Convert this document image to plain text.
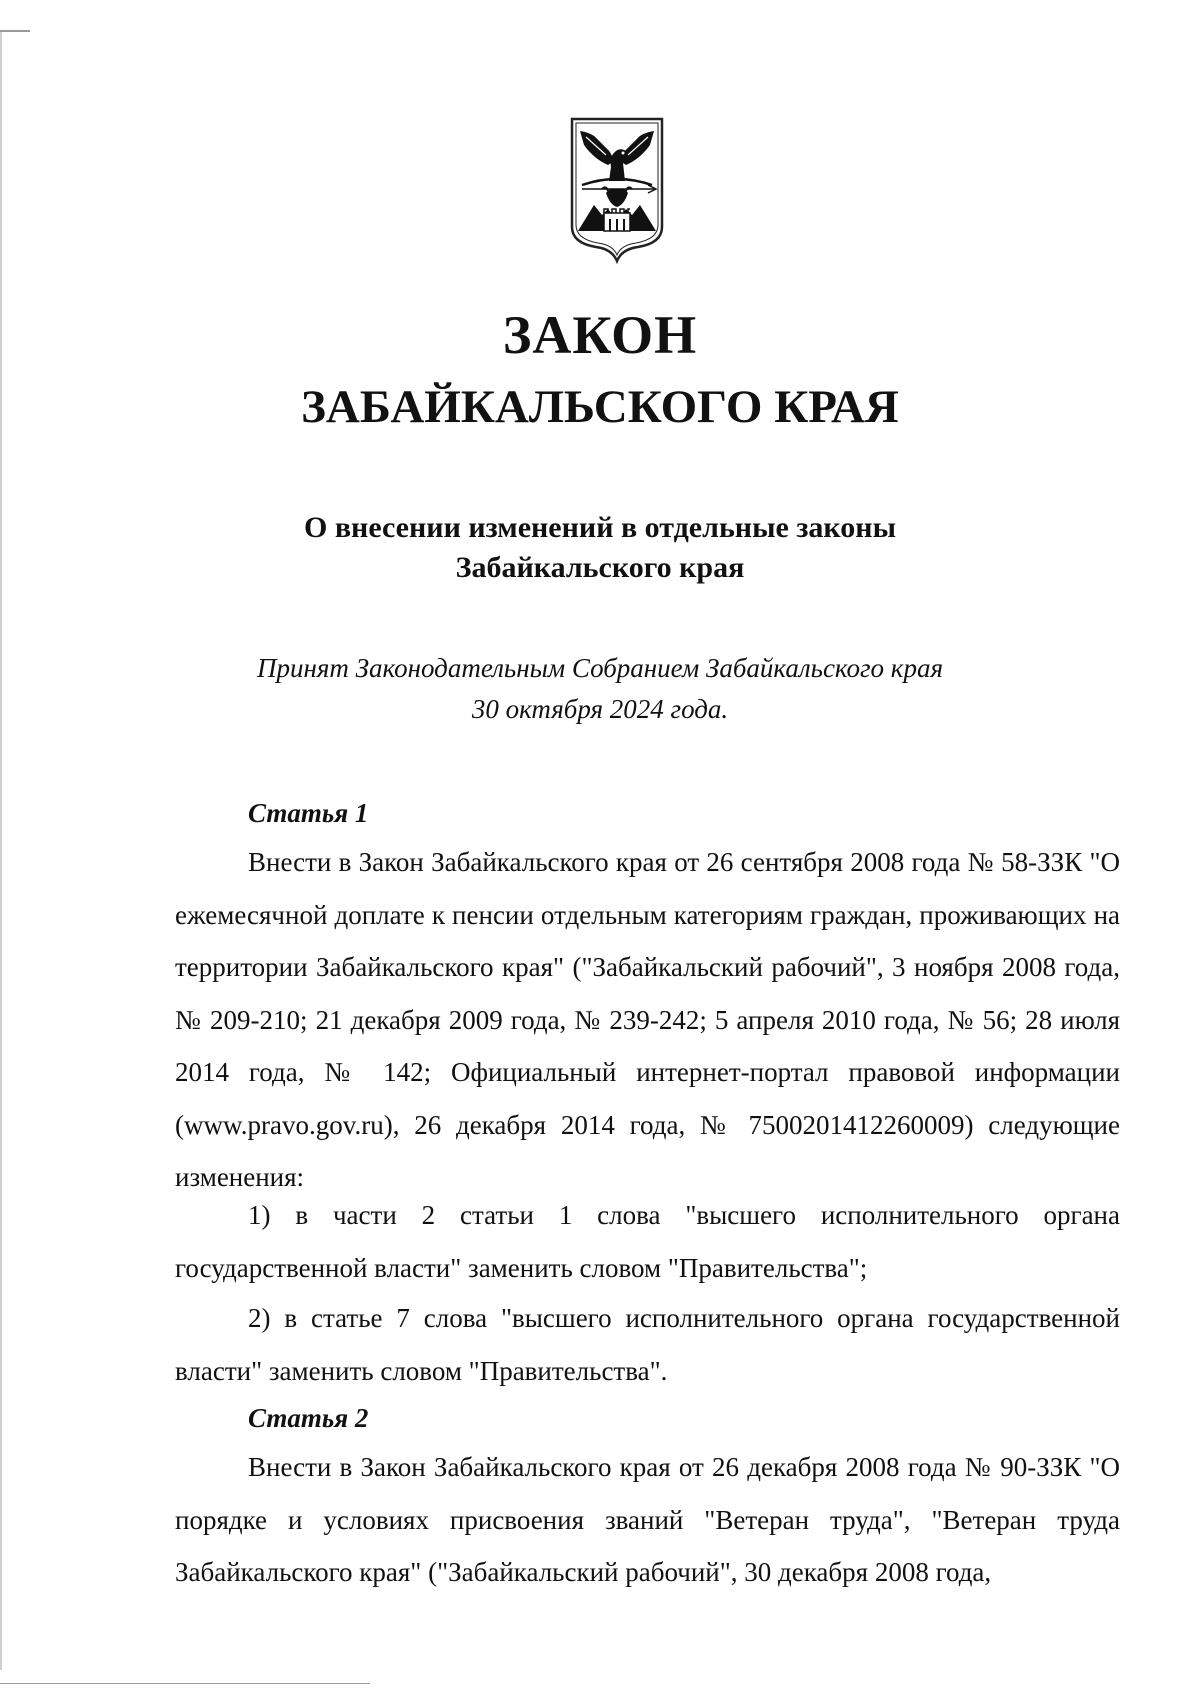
ЗАКОН
ЗАБАЙКАЛЬСКОГО КРАЯ
О внесении изменений в отдельные законы
Забайкальского края
Принят Законодательным Собранием Забайкальского края
30 октября 2024 года.
Статья 1
Внести в Закон Забайкальского края от 26 сентября 2008 года № 58-ЗЗК "О ежемесячной доплате к пенсии отдельным категориям граждан, проживающих на территории Забайкальского края" ("Забайкальский рабочий", 3 ноября 2008 года, № 209-210; 21 декабря 2009 года, № 239-242; 5 апреля 2010 года, № 56; 28 июля 2014 года, № 142; Официальный интернет-портал правовой информации (www.pravo.gov.ru), 26 декабря 2014 года, № 7500201412260009) следующие изменения:
1) в части 2 статьи 1 слова "высшего исполнительного органа государственной власти" заменить словом "Правительства";
2) в статье 7 слова "высшего исполнительного органа государственной власти" заменить словом "Правительства".
Статья 2
Внести в Закон Забайкальского края от 26 декабря 2008 года № 90-ЗЗК "О порядке и условиях присвоения званий "Ветеран труда", "Ветеран труда Забайкальского края" ("Забайкальский рабочий", 30 декабря 2008 года,
